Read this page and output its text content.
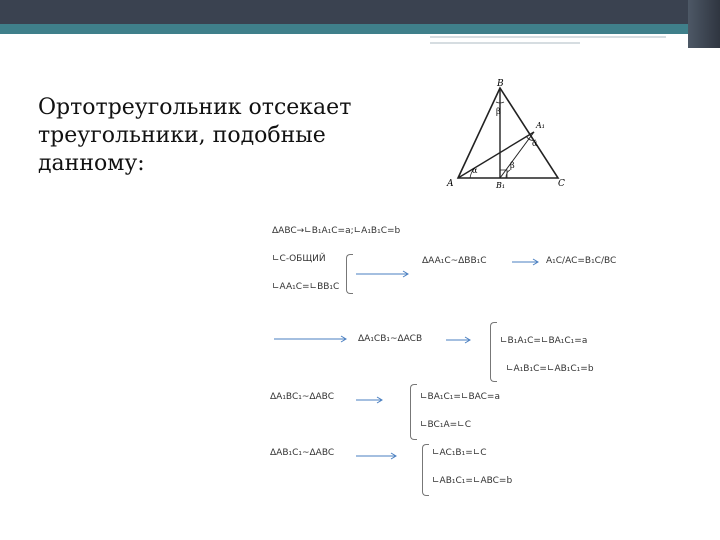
Ортотреугольник отсекает
треугольники, подобные
данному:
B
β
A₁
α
α
β
A	B₁	C
ΔABC→∟B₁A₁C=a;∟A₁B₁C=b
∟C-ОБЩИЙ
∟AA₁C=∟BB₁C
ΔAA₁C~ΔBB₁C	A₁C/AC=B₁C/BC
ΔA₁CB₁~ΔACB	∟B₁A₁C=∟BA₁C₁=a
∟A₁B₁C=∟AB₁C₁=b
ΔA₁BC₁~ΔABC	∟BA₁C₁=∟BAC=a
∟BC₁A=∟C
ΔAB₁C₁~ΔABC	∟AC₁B₁=∟C
∟AB₁C₁=∟ABC=b
